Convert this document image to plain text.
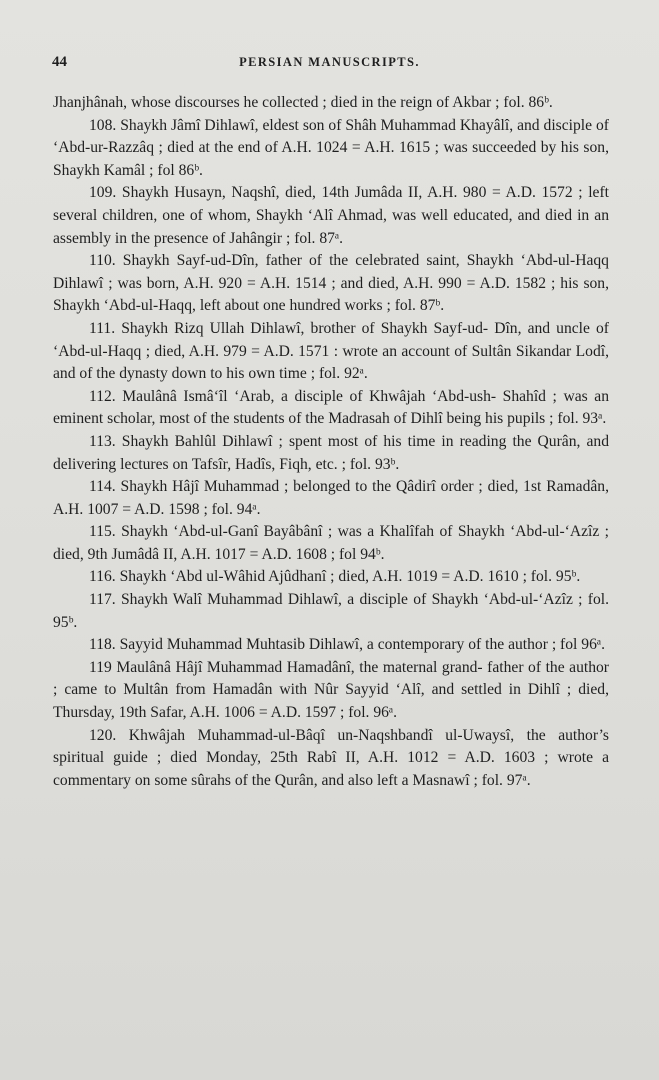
44	PERSIAN MANUSCRIPTS.

Jhanjhânah, whose discourses he collected ; died in the reign of Akbar ; fol. 86ᵇ.

108. Shaykh Jâmî Dihlawî, eldest son of Shâh Muhammad Khayâlî, and disciple of ‘Abd-ur-Razzâq ; died at the end of A.H. 1024 = A.H. 1615 ; was succeeded by his son, Shaykh Kamâl ; fol 86ᵇ.

109. Shaykh Husayn, Naqshî, died, 14th Jumâda II, A.H. 980 = A.D. 1572 ; left several children, one of whom, Shaykh ‘Alî Ahmad, was well educated, and died in an assembly in the presence of Jahângir ; fol. 87ᵃ.

110. Shaykh Sayf-ud-Dîn, father of the celebrated saint, Shaykh ‘Abd-ul-Haqq Dihlawî ; was born, A.H. 920 = A.H. 1514 ; and died, A.H. 990 = A.D. 1582 ; his son, Shaykh ‘Abd-ul-Haqq, left about one hundred works ; fol. 87ᵇ.

111. Shaykh Rizq Ullah Dihlawî, brother of Shaykh Sayf-ud- Dîn, and uncle of ‘Abd-ul-Haqq ; died, A.H. 979 = A.D. 1571 : wrote an account of Sultân Sikandar Lodî, and of the dynasty down to his own time ; fol. 92ᵃ.

112. Maulânâ Ismâ‘îl ‘Arab, a disciple of Khwâjah ‘Abd-ush- Shahîd ; was an eminent scholar, most of the students of the Madrasah of Dihlî being his pupils ; fol. 93ᵃ.

113. Shaykh Bahlûl Dihlawî ; spent most of his time in reading the Qurân, and delivering lectures on Tafsîr, Hadîs, Fiqh, etc. ; fol. 93ᵇ.

114. Shaykh Hâjî Muhammad ; belonged to the Qâdirî order ; died, 1st Ramadân, A.H. 1007 = A.D. 1598 ; fol. 94ᵃ.

115. Shaykh ‘Abd-ul-Ganî Bayâbânî ; was a Khalîfah of Shaykh ‘Abd-ul-‘Azîz ; died, 9th Jumâdâ II, A.H. 1017 = A.D. 1608 ; fol 94ᵇ.

116. Shaykh ‘Abd ul-Wâhid Ajûdhanî ; died, A.H. 1019 = A.D. 1610 ; fol. 95ᵇ.

117. Shaykh Walî Muhammad Dihlawî, a disciple of Shaykh ‘Abd-ul-‘Azîz ; fol. 95ᵇ.

118. Sayyid Muhammad Muhtasib Dihlawî, a contemporary of the author ; fol 96ᵃ.

119 Maulânâ Hâjî Muhammad Hamadânî, the maternal grand- father of the author ; came to Multân from Hamadân with Nûr Sayyid ‘Alî, and settled in Dihlî ; died, Thursday, 19th Safar, A.H. 1006 = A.D. 1597 ; fol. 96ᵃ.

120. Khwâjah Muhammad-ul-Bâqî un-Naqshbandî ul-Uwaysî, the author’s spiritual guide ; died Monday, 25th Rabî II, A.H. 1012 = A.D. 1603 ; wrote a commentary on some sûrahs of the Qurân, and also left a Masnawî ; fol. 97ᵃ.
